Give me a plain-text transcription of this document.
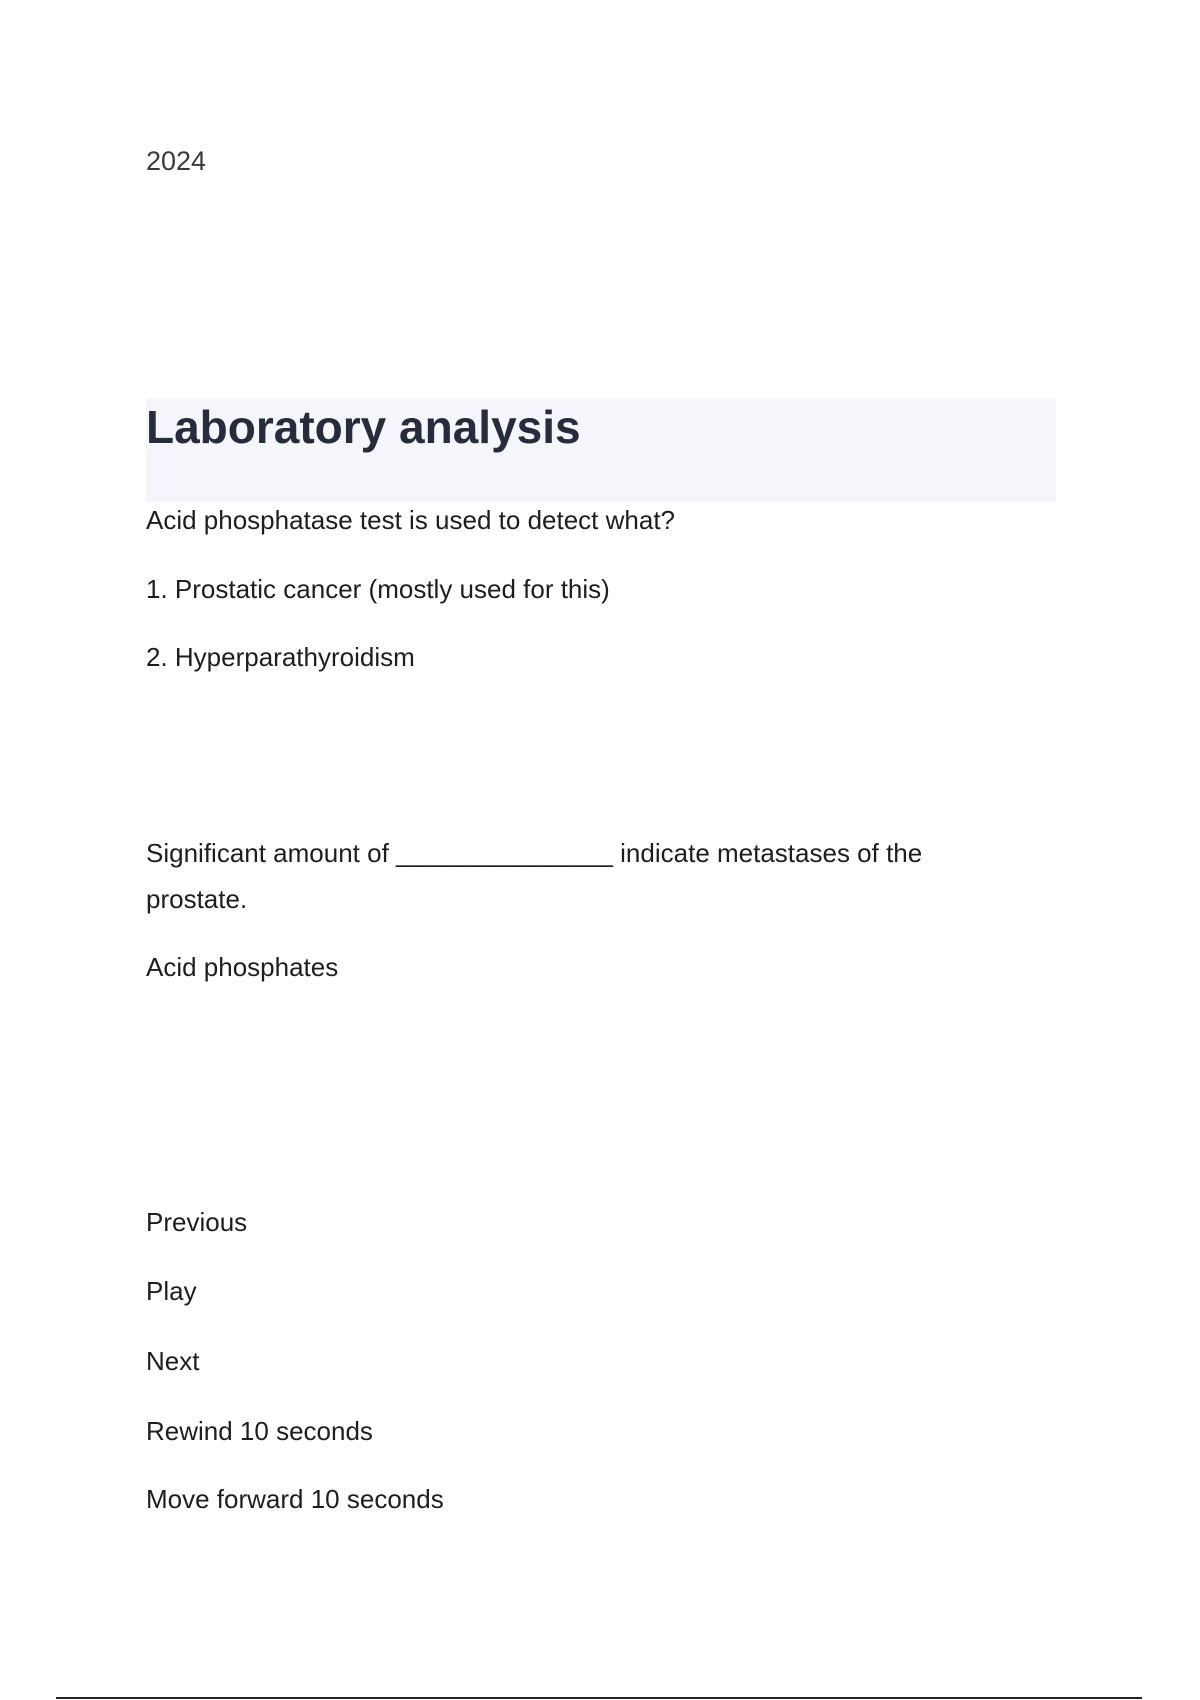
2024
Laboratory analysis

Acid phosphatase test is used to detect what?

1. Prostatic cancer (mostly used for this)

2. Hyperparathyroidism

Significant amount of _______________ indicate metastases of the prostate.

Acid phosphates

Previous
Play
Next
Rewind 10 seconds
Move forward 10 seconds
